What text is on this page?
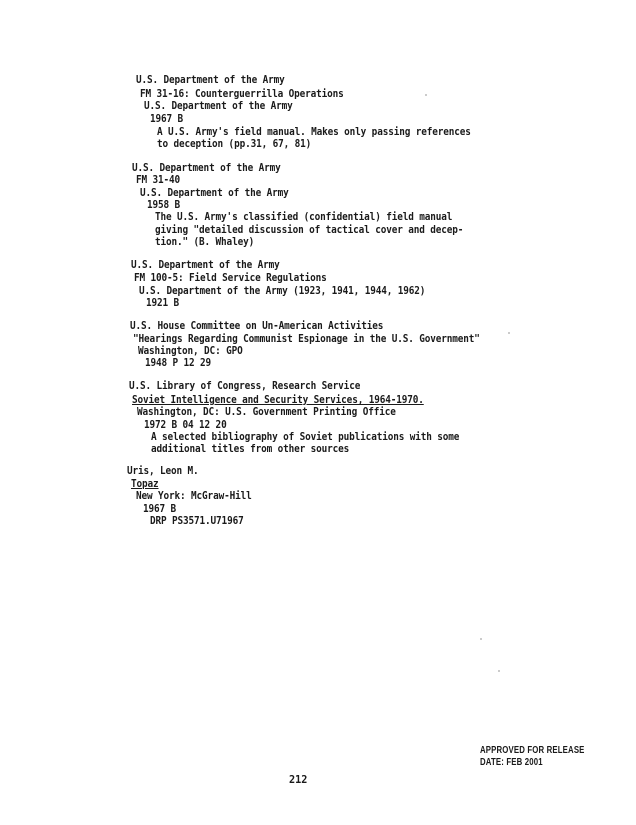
U.S. Department of the Army
FM 31-16: Counterguerrilla Operations
U.S. Department of the Army
1967 B
A U.S. Army's field manual. Makes only passing references
to deception (pp.31, 67, 81)
U.S. Department of the Army
FM 31-40
U.S. Department of the Army
1958 B
The U.S. Army's classified (confidential) field manual
giving "detailed discussion of tactical cover and decep-
tion." (B. Whaley)
U.S. Department of the Army
FM 100-5: Field Service Regulations
U.S. Department of the Army (1923, 1941, 1944, 1962)
1921 B
U.S. House Committee on Un-American Activities
"Hearings Regarding Communist Espionage in the U.S. Government"
Washington, DC: GPO
1948 P 12 29
U.S. Library of Congress, Research Service
Soviet Intelligence and Security Services, 1964-1970.
Washington, DC: U.S. Government Printing Office
1972 B 04 12 20
A selected bibliography of Soviet publications with some
additional titles from other sources
Uris, Leon M.
Topaz
New York: McGraw-Hill
1967 B
DRP PS3571.U71967
APPROVED FOR RELEASE
DATE: FEB 2001
212
